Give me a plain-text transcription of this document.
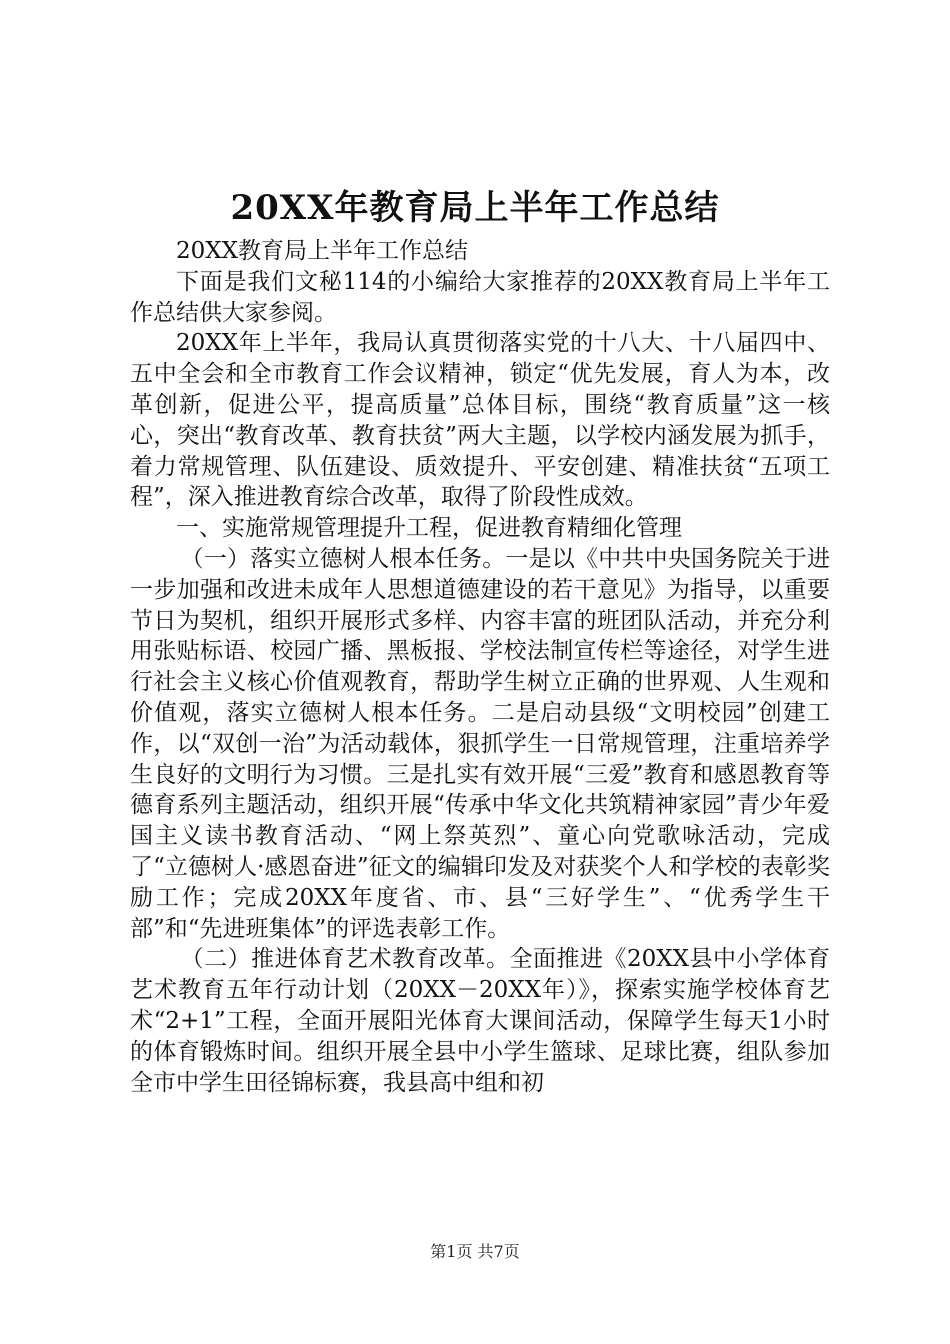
20XX年教育局上半年工作总结

20XX教育局上半年工作总结

下面是我们文秘114的小编给大家推荐的20XX教育局上半年工作总结供大家参阅。

20XX年上半年，我局认真贯彻落实党的十八大、十八届四中、五中全会和全市教育工作会议精神，锁定“优先发展，育人为本，改革创新，促进公平，提高质量”总体目标，围绕“教育质量”这一核心，突出“教育改革、教育扶贫”两大主题，以学校内涵发展为抓手，着力常规管理、队伍建设、质效提升、平安创建、精准扶贫“五项工程”，深入推进教育综合改革，取得了阶段性成效。

一、实施常规管理提升工程，促进教育精细化管理

（一）落实立德树人根本任务。一是以《中共中央国务院关于进一步加强和改进未成年人思想道德建设的若干意见》为指导，以重要节日为契机，组织开展形式多样、内容丰富的班团队活动，并充分利用张贴标语、校园广播、黑板报、学校法制宣传栏等途径，对学生进行社会主义核心价值观教育，帮助学生树立正确的世界观、人生观和价值观，落实立德树人根本任务。二是启动县级“文明校园”创建工作，以“双创一治”为活动载体，狠抓学生一日常规管理，注重培养学生良好的文明行为习惯。三是扎实有效开展“三爱”教育和感恩教育等德育系列主题活动，组织开展“传承中华文化共筑精神家园”青少年爱国主义读书教育活动、“网上祭英烈”、童心向党歌咏活动，完成了“立德树人·感恩奋进”征文的编辑印发及对获奖个人和学校的表彰奖励工作；完成20XX年度省、市、县“三好学生”、“优秀学生干部”和“先进班集体”的评选表彰工作。

（二）推进体育艺术教育改革。全面推进《20XX县中小学体育艺术教育五年行动计划（20XX－20XX年）》，探索实施学校体育艺术“2+1”工程，全面开展阳光体育大课间活动，保障学生每天1小时的体育锻炼时间。组织开展全县中小学生篮球、足球比赛，组队参加全市中学生田径锦标赛，我县高中组和初

第1页 共7页
